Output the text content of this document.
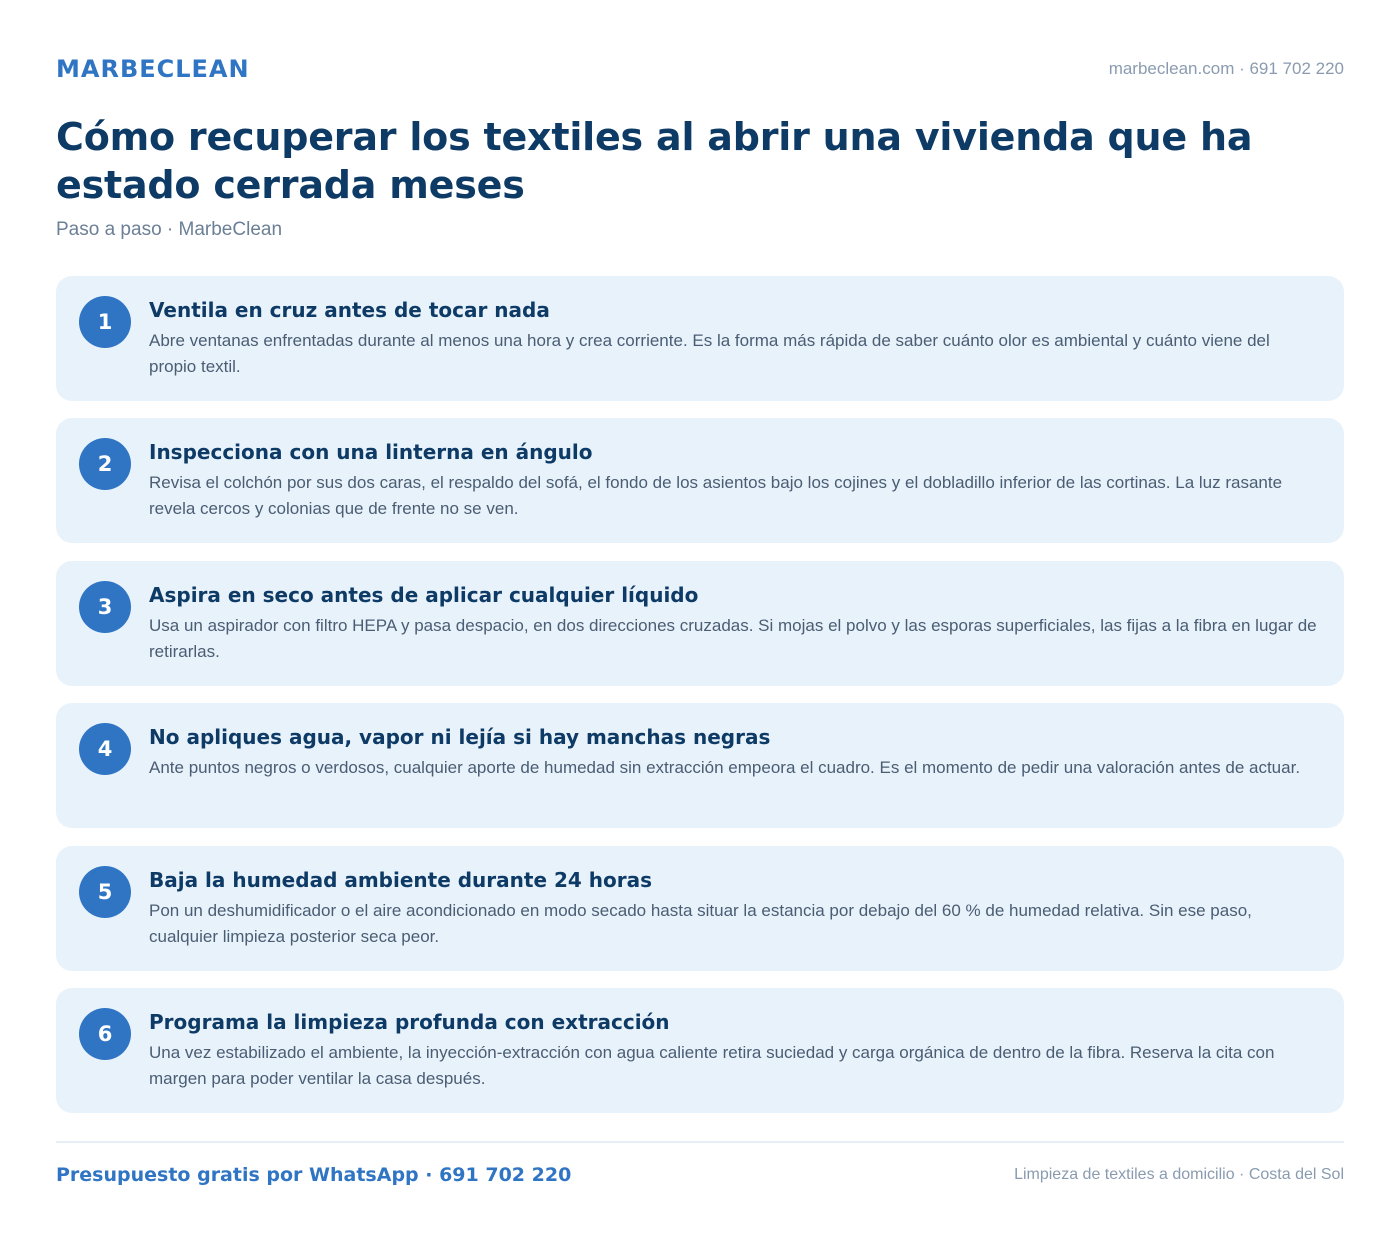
MARBECLEAN	marbeclean.com · 691 702 220
Cómo recuperar los textiles al abrir una vivienda que ha estado cerrada meses
Paso a paso · MarbeClean
1	Ventila en cruz antes de tocar nada
Abre ventanas enfrentadas durante al menos una hora y crea corriente. Es la forma más rápida de saber cuánto olor es ambiental y cuánto viene del propio textil.
2	Inspecciona con una linterna en ángulo
Revisa el colchón por sus dos caras, el respaldo del sofá, el fondo de los asientos bajo los cojines y el dobladillo inferior de las cortinas. La luz rasante revela cercos y colonias que de frente no se ven.
3	Aspira en seco antes de aplicar cualquier líquido
Usa un aspirador con filtro HEPA y pasa despacio, en dos direcciones cruzadas. Si mojas el polvo y las esporas superficiales, las fijas a la fibra en lugar de retirarlas.
4	No apliques agua, vapor ni lejía si hay manchas negras
Ante puntos negros o verdosos, cualquier aporte de humedad sin extracción empeora el cuadro. Es el momento de pedir una valoración antes de actuar.
5	Baja la humedad ambiente durante 24 horas
Pon un deshumidificador o el aire acondicionado en modo secado hasta situar la estancia por debajo del 60 % de humedad relativa. Sin ese paso, cualquier limpieza posterior seca peor.
6	Programa la limpieza profunda con extracción
Una vez estabilizado el ambiente, la inyección-extracción con agua caliente retira suciedad y carga orgánica de dentro de la fibra. Reserva la cita con margen para poder ventilar la casa después.
Presupuesto gratis por WhatsApp · 691 702 220	Limpieza de textiles a domicilio · Costa del Sol
